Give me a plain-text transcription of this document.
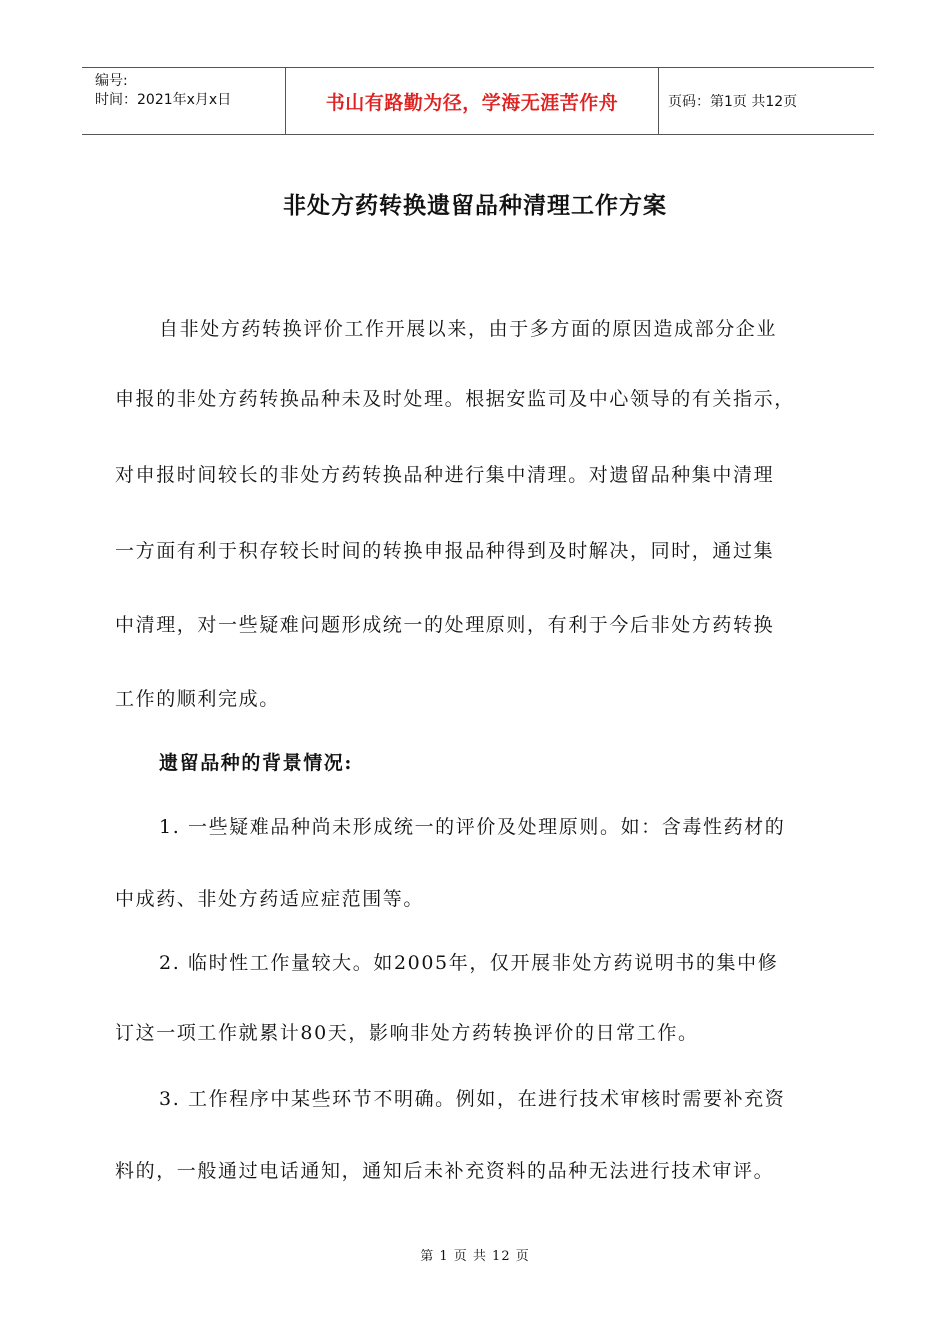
编号:
时间：2021年x月x日	书山有路勤为径，学海无涯苦作舟	页码：第1页 共12页
非处方药转换遗留品种清理工作方案
自非处方药转换评价工作开展以来，由于多方面的原因造成部分企业
申报的非处方药转换品种未及时处理。根据安监司及中心领导的有关指示，
对申报时间较长的非处方药转换品种进行集中清理。对遗留品种集中清理
一方面有利于积存较长时间的转换申报品种得到及时解决，同时，通过集
中清理，对一些疑难问题形成统一的处理原则，有利于今后非处方药转换
工作的顺利完成。
遗留品种的背景情况:
1. 一些疑难品种尚未形成统一的评价及处理原则。如：含毒性药材的
中成药、非处方药适应症范围等。
2. 临时性工作量较大。如2005年，仅开展非处方药说明书的集中修
订这一项工作就累计80天，影响非处方药转换评价的日常工作。
3. 工作程序中某些环节不明确。例如，在进行技术审核时需要补充资
料的，一般通过电话通知，通知后未补充资料的品种无法进行技术审评。
第 1 页 共 12 页
